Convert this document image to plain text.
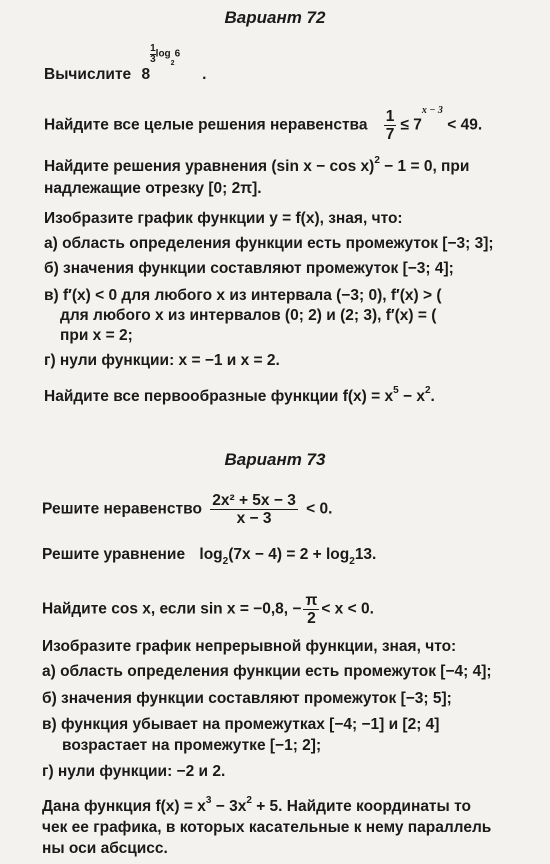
Вариант 72
Вычислите 8
$\frac{1}{3} \log_26$.
Найдите все целые решения неравенства $\frac{1}{7} \le 7^{x - 3} < 49$.
Найдите решения уравнения (sin x − cos x)$^2$ − 1 = 0, при
надлежащие отрезку [0; 2π].
Изобразите график функции y = f(x), зная, что:
а) область определения функции есть промежуток [−3; 3];
б) значения функции составляют промежуток [−3; 4];
в) f′(x) < 0 для любого x из интервала (−3; 0), f′(x) > (
для любого x из интервалов (0; 2) и (2; 3), f′(x) = (
при x = 2;
г) нули функции: x = −1 и x = 2.
Найдите все первообразные функции $f(x) = x^5 - x^2$.
Вариант 73
Решите неравенство $\frac{\text{2x² + 5x − 3}}{x - 3} < 0$.
Решите уравнение $\log_2(7x - 4) = 2 + \log_213$.
Найдите cos x, если sin x = −0,8, − $\frac{\pi}{2} < x < 0$.
Изобразите график непрерывной функции, зная, что:
а) область определения функции есть промежуток [−4; 4];
б) значения функции составляют промежуток [−3; 5];
в) функция убывает на промежутках [−4; −1] и [2; 4]
возрастает на промежутке [−1; 2];
г) нули функции: −2 и 2.
Дана функция $f(x) = x^3 - 3x^2 + 5$. Найдите координаты то
чек ее графика, в которых касательные к нему параллель
ны оси абсцисс.
